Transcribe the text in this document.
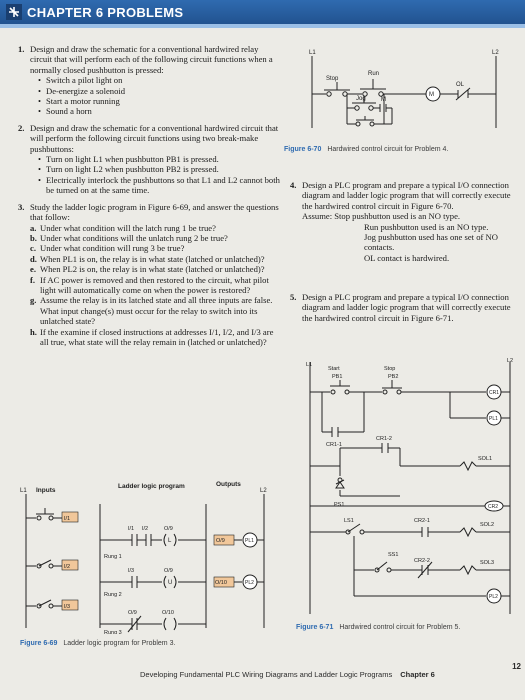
CHAPTER 6 PROBLEMS
1. Design and draw the schematic for a conventional hardwired relay circuit that will perform each of the following circuit functions when a normally closed pushbutton is pressed:
• Switch a pilot light on
• De-energize a solenoid
• Start a motor running
• Sound a horn
2. Design and draw the schematic for a conventional hardwired circuit that will perform the following circuit functions using two break-make pushbuttons:
• Turn on light L1 when pushbutton PB1 is pressed.
• Turn on light L2 when pushbutton PB2 is pressed.
• Electrically interlock the pushbuttons so that L1 and L2 cannot both be turned on at the same time.
3. Study the ladder logic program in Figure 6-69, and answer the questions that follow:
a. Under what condition will the latch rung 1 be true?
b. Under what conditions will the unlatch rung 2 be true?
c. Under what condition will rung 3 be true?
d. When PL1 is on, the relay is in what state (latched or unlatched)?
e. When PL2 is on, the relay is in what state (latched or unlatched)?
f. If AC power is removed and then restored to the circuit, what pilot light will automatically come on when the power is restored?
g. Assume the relay is in its latched state and all three inputs are false. What input change(s) must occur for the relay to switch into its unlatched state?
h. If the examine if closed instructions at addresses I/1, I/2, and I/3 are all true, what state will the relay remain in (latched or unlatched)?
L1	L2
Run
Stop
OL
M
Jog	M
Figure 6-70 Hardwired control circuit for Problem 4.
4. Design a PLC program and prepare a typical I/O connection diagram and ladder logic program that will correctly execute the hardwired control circuit in Figure 6-70.
Assume: Stop pushbutton used is an NO type.
Run pushbutton used is an NO type.
Jog pushbutton used has one set of NO contacts.
OL contact is hardwired.
5. Design a PLC program and prepare a typical I/O connection diagram and ladder logic program that will correctly execute the hardwired control circuit in Figure 6-71.
L1
L2
Start
PB1
Stop
PB2
CR1
PL1
CR1-1
CR1-2
SOL1
PS1	CR2
LS1	CR2-1
SOL2
SS1
CR2-2	SOL3
PL2
Figure 6-71 Hardwired control circuit for Problem 5.
Inputs
Ladder logic program	Outputs
L1	L2
I/1
I/2
I/3
Rung 1
Rung 2
Rung 3
I/1 I/2	O/9
L
I/3	O/9
U
O/9	O/10
O/9
O/10
PL1
PL2
Figure 6-69 Ladder logic program for Problem 3.
Developing Fundamental PLC Wiring Diagrams and Ladder Logic Programs Chapter 6
12
